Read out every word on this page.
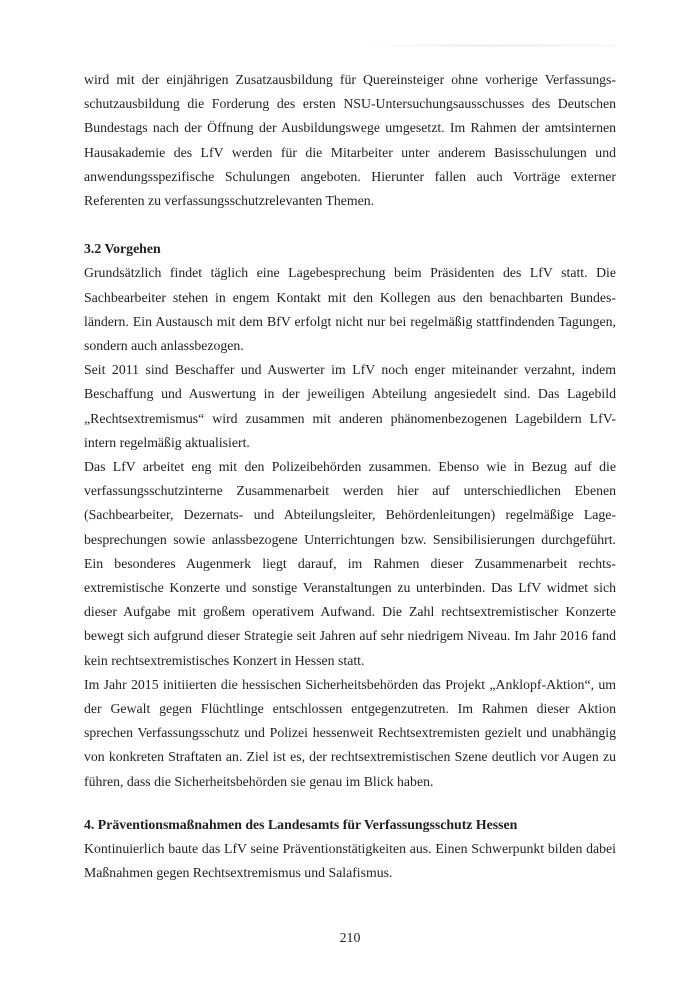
wird mit der einjährigen Zusatzausbildung für Quereinsteiger ohne vorherige Verfassungsschutzausbildung die Forderung des ersten NSU-Untersuchungsausschusses des Deutschen Bundestags nach der Öffnung der Ausbildungswege umgesetzt. Im Rahmen der amtsinternen Hausakademie des LfV werden für die Mitarbeiter unter anderem Basisschulungen und anwendungsspezifische Schulungen angeboten. Hierunter fallen auch Vorträge externer Referenten zu verfassungsschutzrelevanten Themen.

3.2 Vorgehen

Grundsätzlich findet täglich eine Lagebesprechung beim Präsidenten des LfV statt. Die Sachbearbeiter stehen in engem Kontakt mit den Kollegen aus den benachbarten Bundesländern. Ein Austausch mit dem BfV erfolgt nicht nur bei regelmäßig stattfindenden Tagungen, sondern auch anlassbezogen.

Seit 2011 sind Beschaffer und Auswerter im LfV noch enger miteinander verzahnt, indem Beschaffung und Auswertung in der jeweiligen Abteilung angesiedelt sind. Das Lagebild „Rechtsextremismus“ wird zusammen mit anderen phänomenbezogenen Lagebildern LfV-intern regelmäßig aktualisiert.

Das LfV arbeitet eng mit den Polizeibehörden zusammen. Ebenso wie in Bezug auf die verfassungsschutzinterne Zusammenarbeit werden hier auf unterschiedlichen Ebenen (Sachbearbeiter, Dezernats- und Abteilungsleiter, Behördenleitungen) regelmäßige Lagebesprechungen sowie anlassbezogene Unterrichtungen bzw. Sensibilisierungen durchgeführt. Ein besonderes Augenmerk liegt darauf, im Rahmen dieser Zusammenarbeit rechtsextremistische Konzerte und sonstige Veranstaltungen zu unterbinden. Das LfV widmet sich dieser Aufgabe mit großem operativem Aufwand. Die Zahl rechtsextremistischer Konzerte bewegt sich aufgrund dieser Strategie seit Jahren auf sehr niedrigem Niveau. Im Jahr 2016 fand kein rechtsextremistisches Konzert in Hessen statt.

Im Jahr 2015 initiierten die hessischen Sicherheitsbehörden das Projekt „Anklopf-Aktion“, um der Gewalt gegen Flüchtlinge entschlossen entgegenzutreten. Im Rahmen dieser Aktion sprechen Verfassungsschutz und Polizei hessenweit Rechtsextremisten gezielt und unabhängig von konkreten Straftaten an. Ziel ist es, der rechtsextremistischen Szene deutlich vor Augen zu führen, dass die Sicherheitsbehörden sie genau im Blick haben.

4. Präventionsmaßnahmen des Landesamts für Verfassungsschutz Hessen

Kontinuierlich baute das LfV seine Präventionstätigkeiten aus. Einen Schwerpunkt bilden dabei Maßnahmen gegen Rechtsextremismus und Salafismus.

210
